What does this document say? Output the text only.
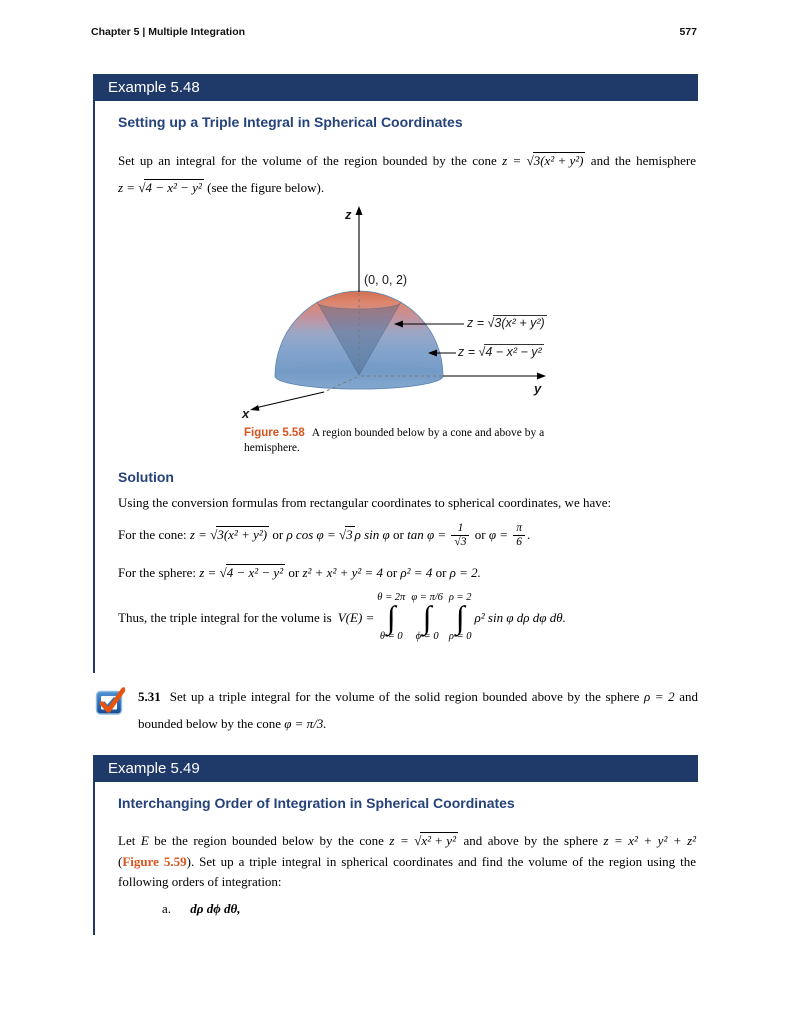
Chapter 5 | Multiple Integration	577
Example 5.48
Setting up a Triple Integral in Spherical Coordinates
Set up an integral for the volume of the region bounded by the cone z = √3(x² + y²) and the hemisphere
z = √4 − x² − y² (see the figure below).
z
(0, 0, 2)
z = √3(x² + y²)
z = √4 − x² − y²
y
x
Figure 5.58 A region bounded below by a cone and above by a hemisphere.
Solution
Using the conversion formulas from rectangular coordinates to spherical coordinates, we have:
For the cone: z = √3(x² + y²) or ρ cos φ = √3 ρ sin φ or $\tan \varphi = \frac{1}{√3}$ or $\varphi = \frac{\pi}{6}$ .
For the sphere: z = √4 − x² − y² or z² + x² + y² = 4 or ρ² = 4 or ρ = 2.
Thus, the triple integral for the volume is V(E) =
θ = 2π
∫
θ = 0
φ = π/6
∫
ϕ = 0
ρ = 2
∫
ρ = 0
ρ² sin φ dρ dφ dθ.
5.31 Set up a triple integral for the volume of the solid region bounded above by the sphere ρ = 2 and
bounded below by the cone φ = π/3.
Example 5.49
Interchanging Order of Integration in Spherical Coordinates
Let E be the region bounded below by the cone z = √x² + y² and above by the sphere z = x² + y² + z²
(Figure 5.59). Set up a triple integral in spherical coordinates and find the volume of the region using the following orders of integration:
a. dρ dϕ dθ,
